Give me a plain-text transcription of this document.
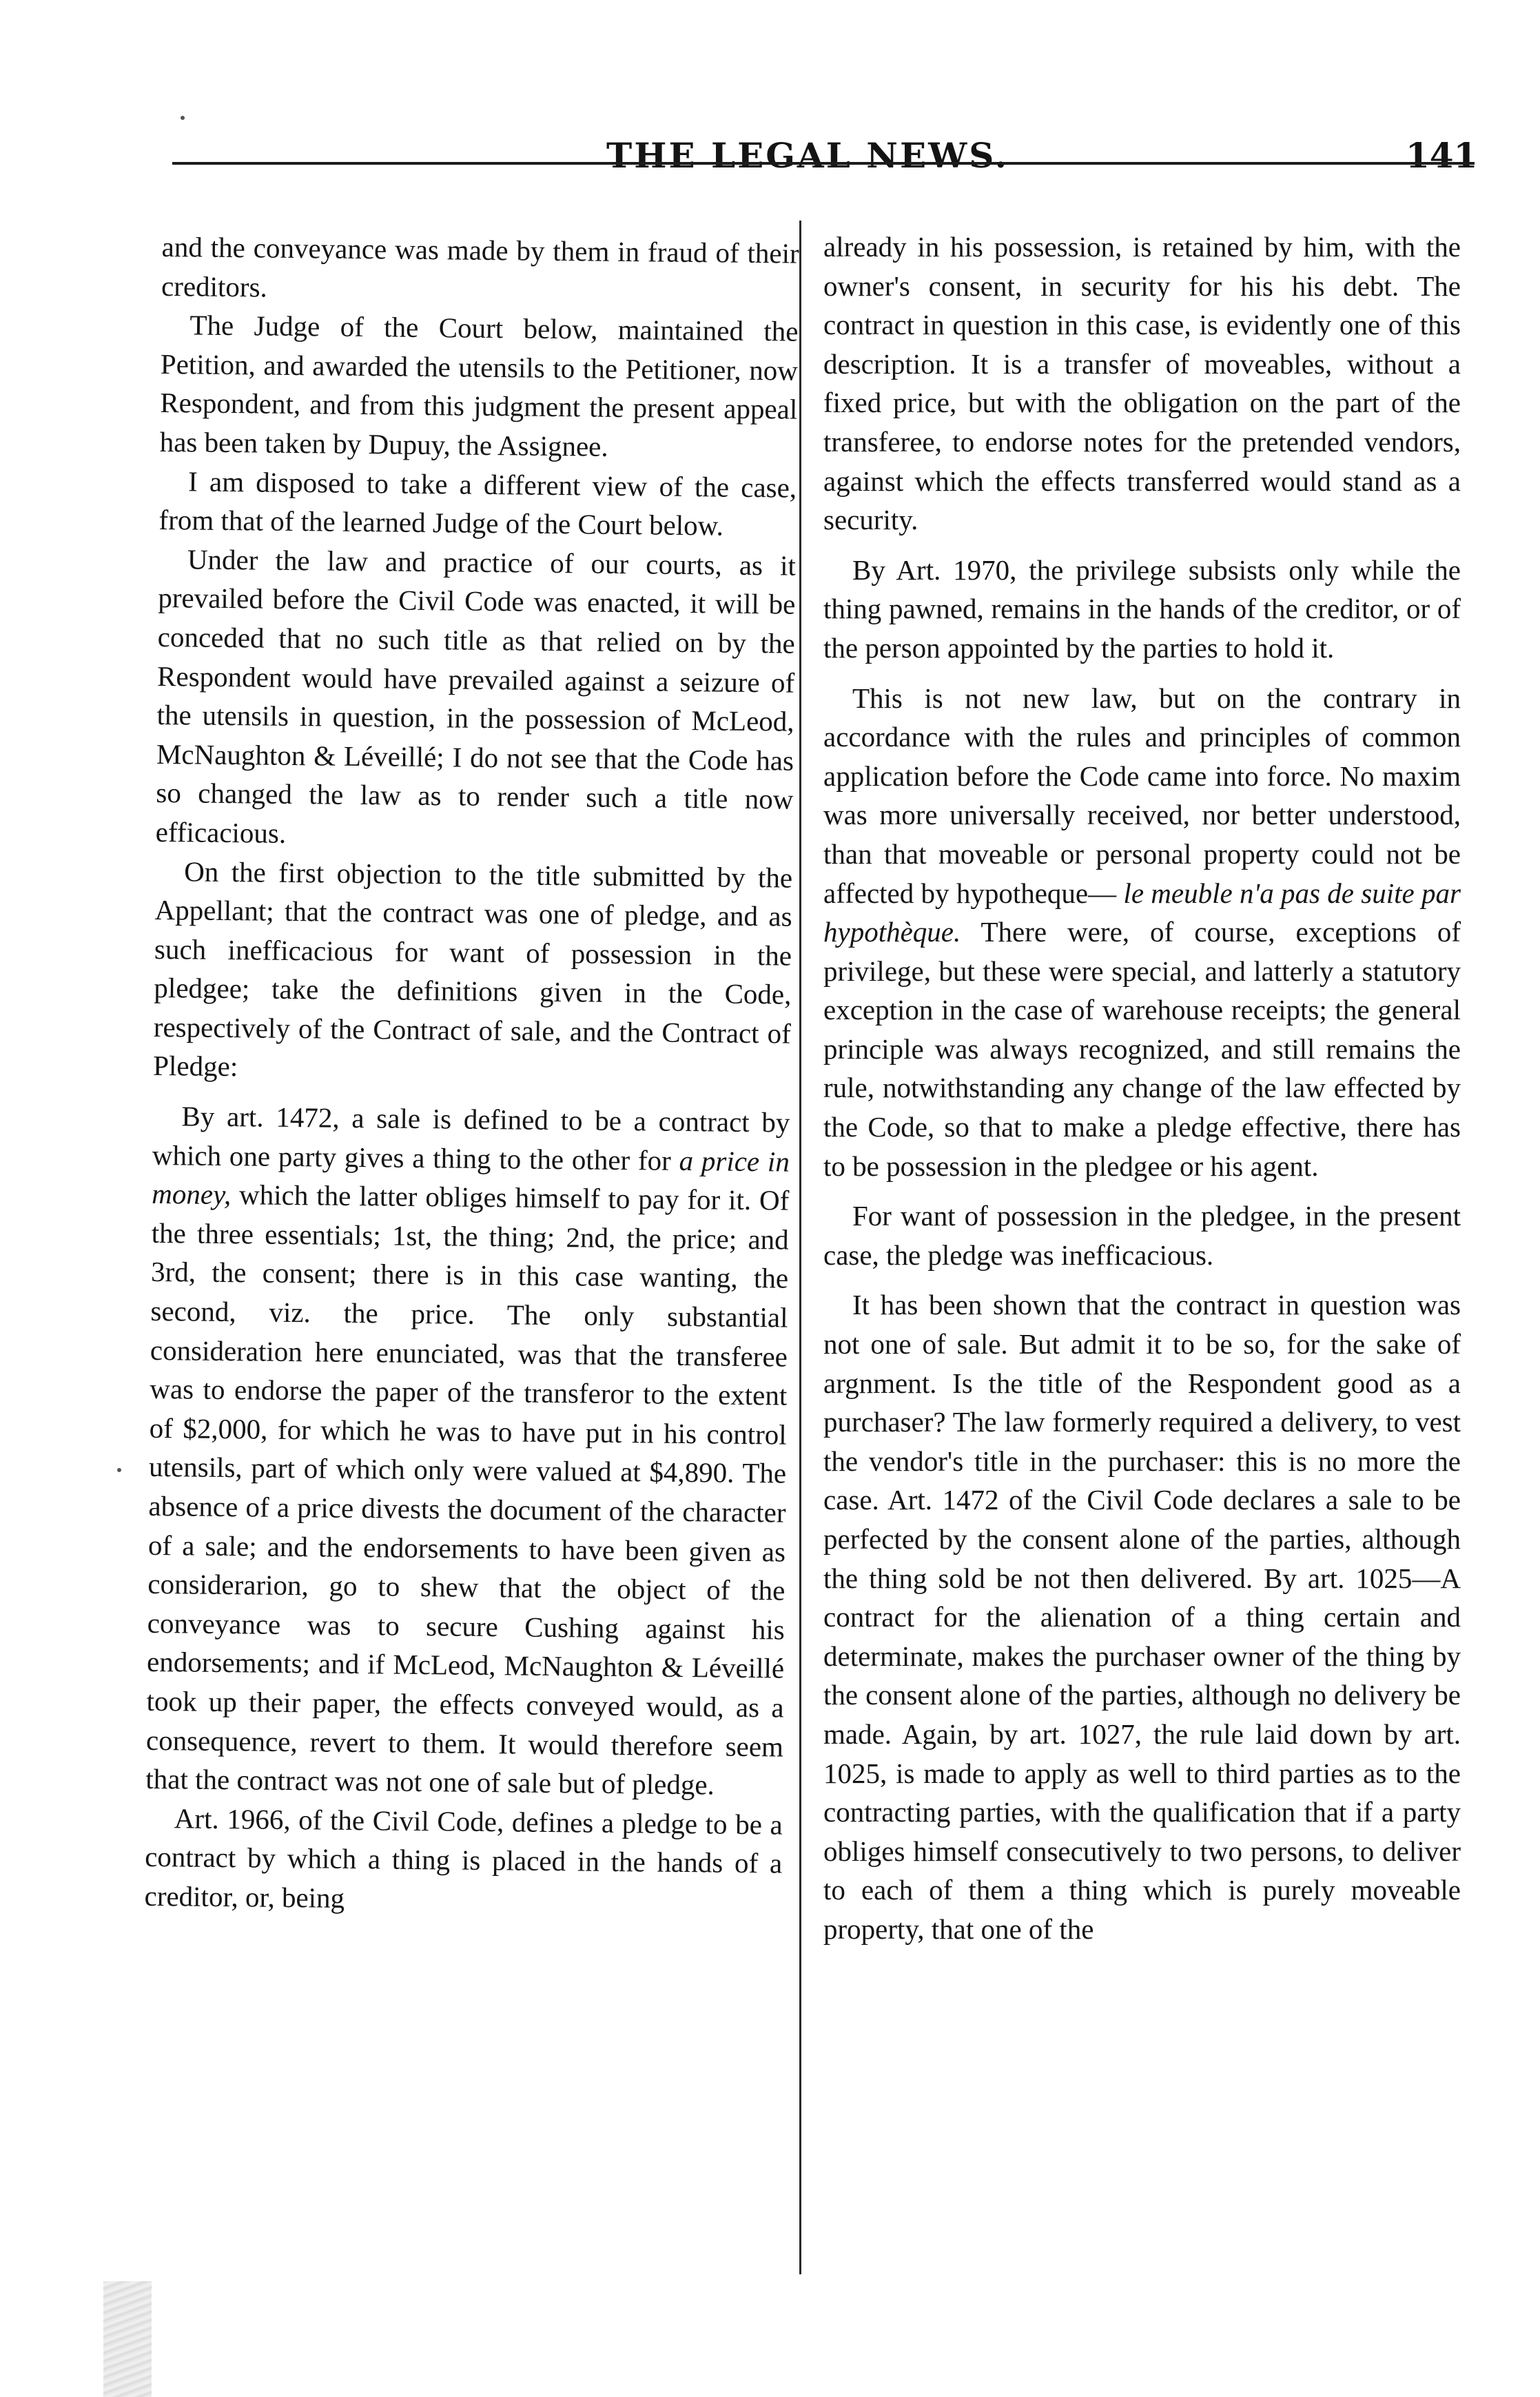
THE LEGAL NEWS.	141

and the conveyance was made by them in fraud of their creditors.

The Judge of the Court below, maintained the Petition, and awarded the utensils to the Petitioner, now Respondent, and from this judgment the present appeal has been taken by Dupuy, the Assignee.

I am disposed to take a different view of the case, from that of the learned Judge of the Court below.

Under the law and practice of our courts, as it prevailed before the Civil Code was enacted, it will be conceded that no such title as that relied on by the Respondent would have prevailed against a seizure of the utensils in question, in the possession of McLeod, McNaughton & Léveillé; I do not see that the Code has so changed the law as to render such a title now efficacious.

On the first objection to the title submitted by the Appellant; that the contract was one of pledge, and as such inefficacious for want of possession in the pledgee; take the definitions given in the Code, respectively of the Contract of sale, and the Contract of Pledge:

By art. 1472, a sale is defined to be a contract by which one party gives a thing to the other for a price in money, which the latter obliges himself to pay for it. Of the three essentials; 1st, the thing; 2nd, the price; and 3rd, the consent; there is in this case wanting, the second, viz. the price. The only substantial consideration here enunciated, was that the transferee was to endorse the paper of the transferor to the extent of $2,000, for which he was to have put in his control utensils, part of which only were valued at $4,890. The absence of a price divests the document of the character of a sale; and the endorsements to have been given as considerarion, go to shew that the object of the conveyance was to secure Cushing against his endorsements; and if McLeod, McNaughton & Léveillé took up their paper, the effects conveyed would, as a consequence, revert to them. It would therefore seem that the contract was not one of sale but of pledge.

Art. 1966, of the Civil Code, defines a pledge to be a contract by which a thing is placed in the hands of a creditor, or, being

already in his possession, is retained by him, with the owner's consent, in security for his his debt. The contract in question in this case, is evidently one of this description. It is a transfer of moveables, without a fixed price, but with the obligation on the part of the transferee, to endorse notes for the pretended vendors, against which the effects transferred would stand as a security.

By Art. 1970, the privilege subsists only while the thing pawned, remains in the hands of the creditor, or of the person appointed by the parties to hold it.

This is not new law, but on the contrary in accordance with the rules and principles of common application before the Code came into force. No maxim was more universally received, nor better understood, than that moveable or personal property could not be affected by hypotheque— le meuble n'a pas de suite par hypothèque. There were, of course, exceptions of privilege, but these were special, and latterly a statutory exception in the case of warehouse receipts; the general principle was always recognized, and still remains the rule, notwithstanding any change of the law effected by the Code, so that to make a pledge effective, there has to be possession in the pledgee or his agent.

For want of possession in the pledgee, in the present case, the pledge was inefficacious.

It has been shown that the contract in question was not one of sale. But admit it to be so, for the sake of argnment. Is the title of the Respondent good as a purchaser? The law formerly required a delivery, to vest the vendor's title in the purchaser: this is no more the case. Art. 1472 of the Civil Code declares a sale to be perfected by the consent alone of the parties, although the thing sold be not then delivered. By art. 1025—A contract for the alienation of a thing certain and determinate, makes the purchaser owner of the thing by the consent alone of the parties, although no delivery be made. Again, by art. 1027, the rule laid down by art. 1025, is made to apply as well to third parties as to the contracting parties, with the qualification that if a party obliges himself consecutively to two persons, to deliver to each of them a thing which is purely moveable property, that one of the
